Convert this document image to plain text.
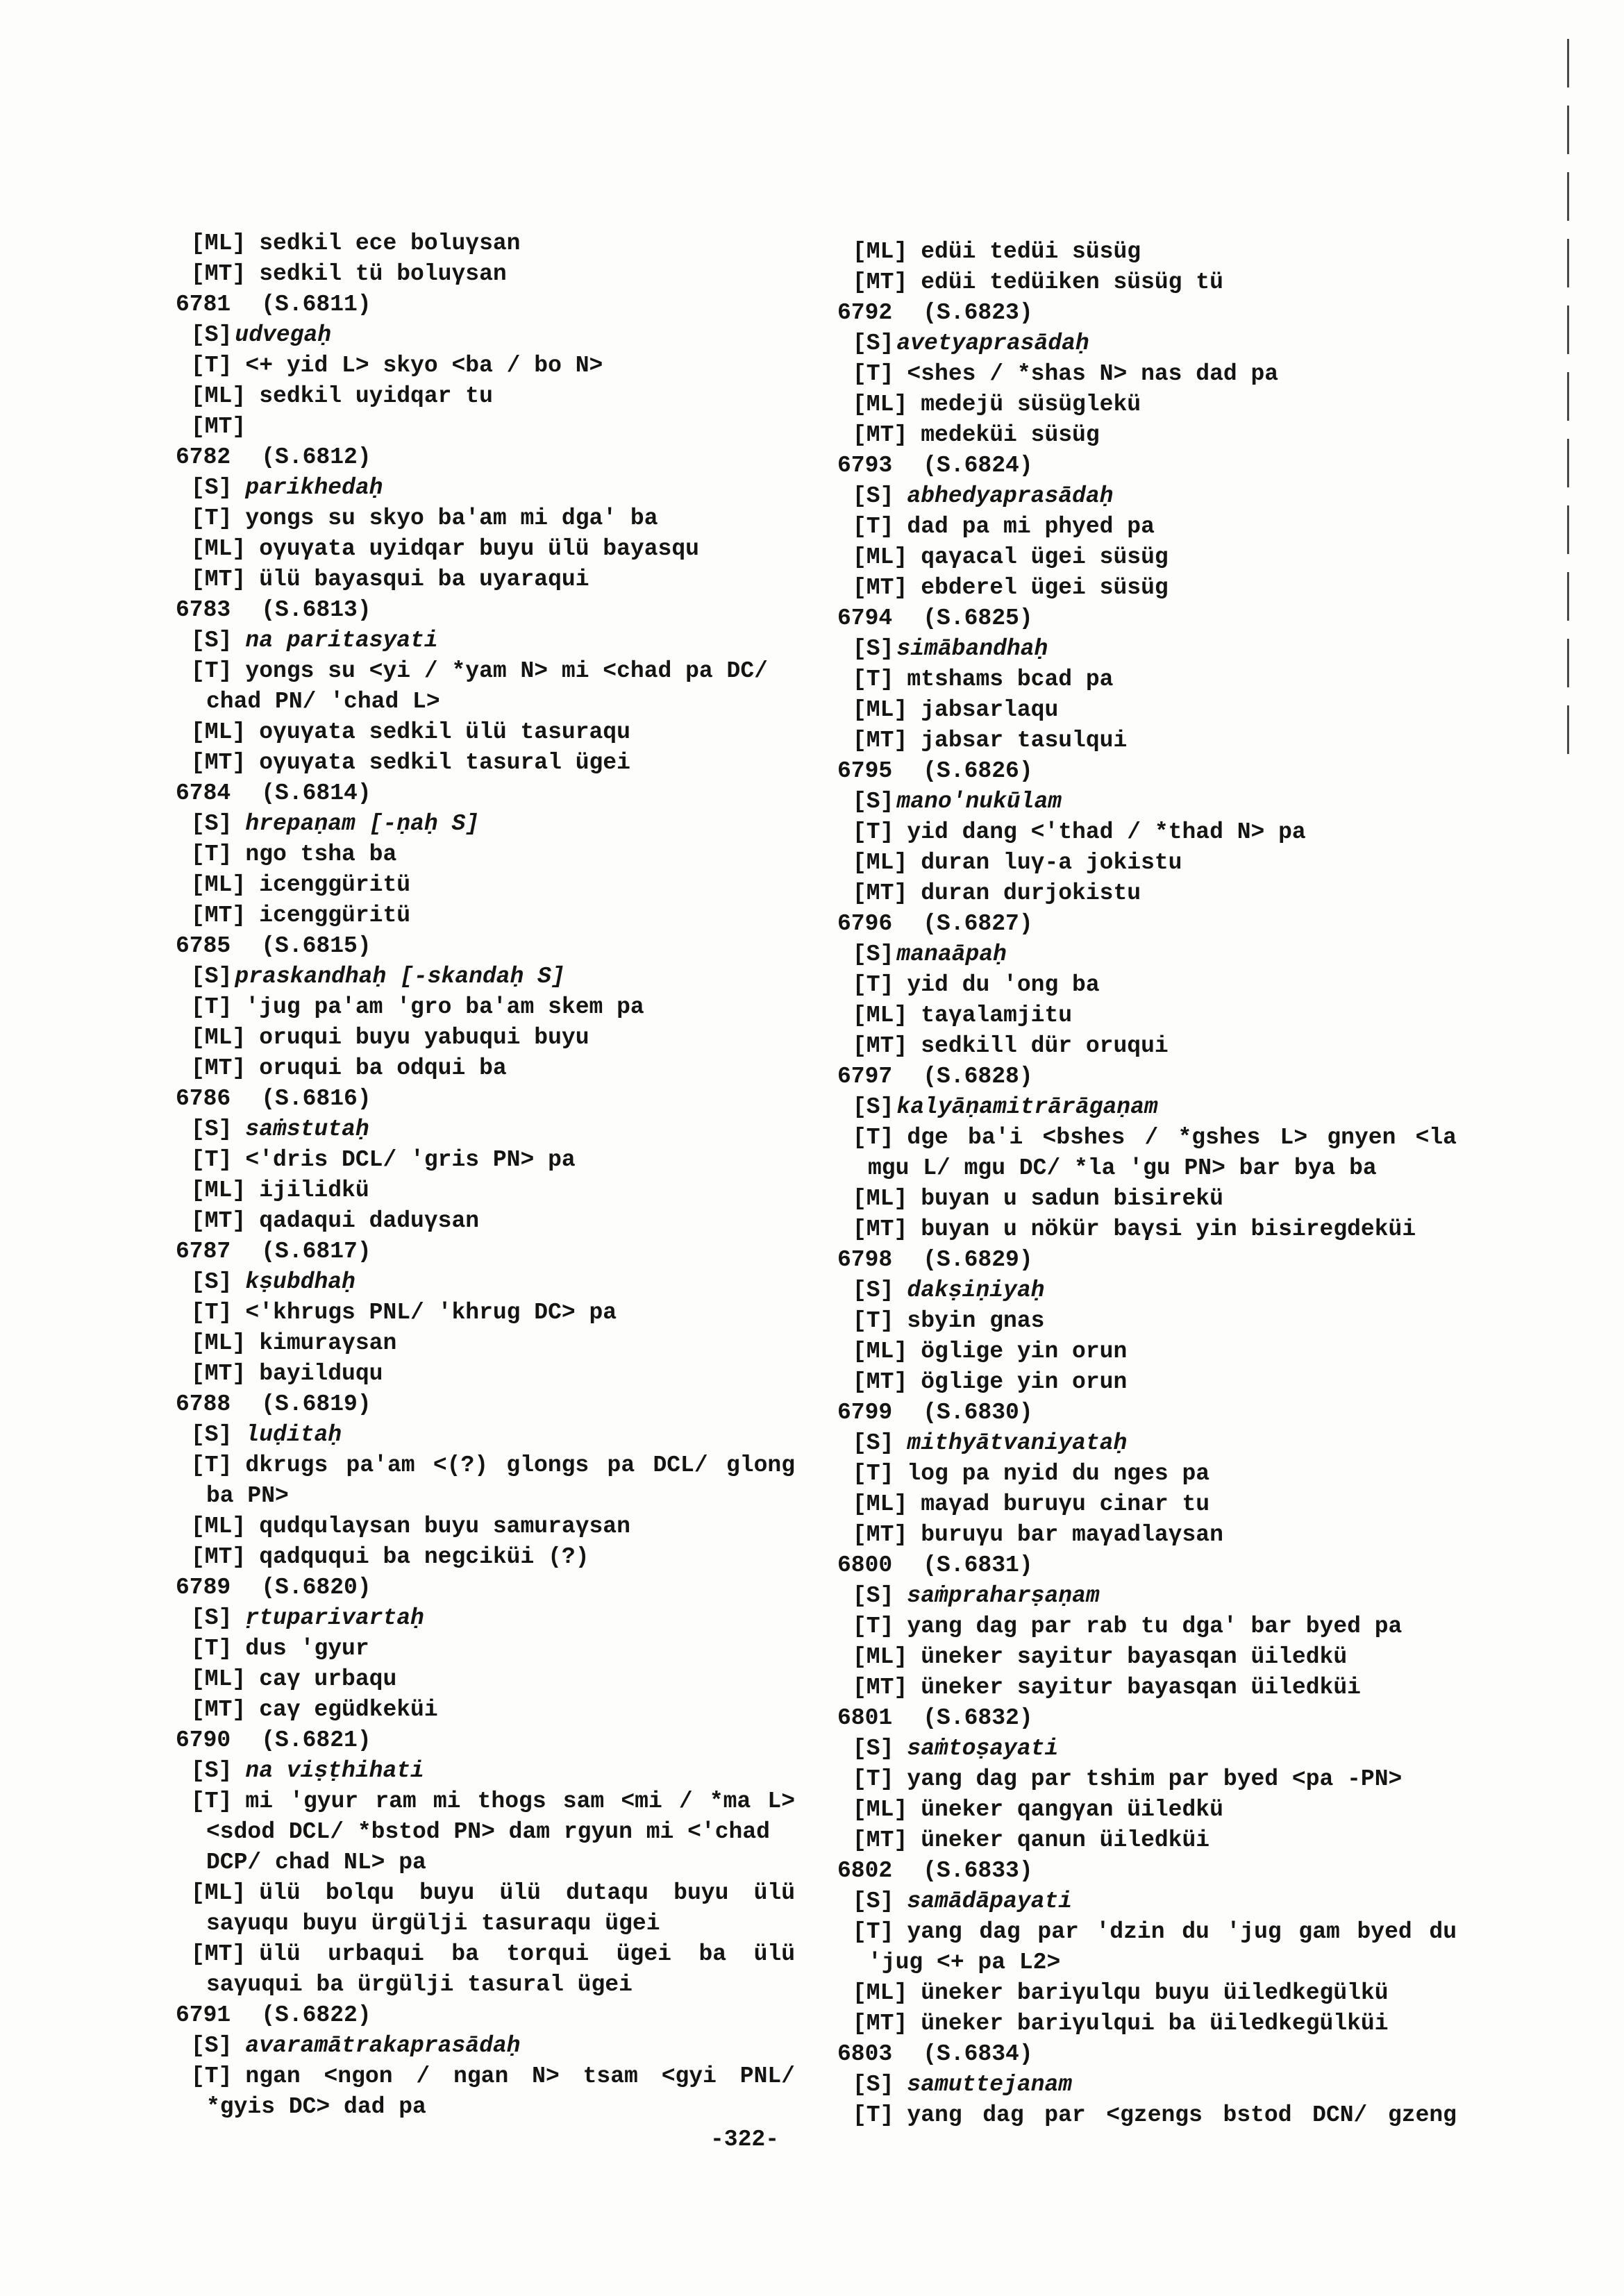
[ML] sedkil ece boluγsan
[MT] sedkil tü boluγsan
6781 (S.6811)
[S] udvegaḥ
[T] <+ yid L> skyo <ba / bo N>
[ML] sedkil uyidqar tu
[MT]
6782 (S.6812)
[S] parikhedaḥ
[T] yongs su skyo ba'am mi dga' ba
[ML] oγuγata uyidqar buyu ülü bayasqu
[MT] ülü bayasqui ba uyaraqui
6783 (S.6813)
[S] na paritasyati
[T] yongs su <yi / *yam N> mi <chad pa DC/
chad PN/ 'chad L>
[ML] oγuγata sedkil ülü tasuraqu
[MT] oγuγata sedkil tasural ügei
6784 (S.6814)
[S] hrepaṇam [-ṇaḥ S]
[T] ngo tsha ba
[ML] icenggüritü
[MT] icenggüritü
6785 (S.6815)
[S] praskandhaḥ [-skandaḥ S]
[T] 'jug pa'am 'gro ba'am skem pa
[ML] oruqui buyu yabuqui buyu
[MT] oruqui ba odqui ba
6786 (S.6816)
[S] saṁstutaḥ
[T] <'dris DCL/ 'gris PN> pa
[ML] ijilidkü
[MT] qadaqui daduγsan
6787 (S.6817)
[S] kṣubdhaḥ
[T] <'khrugs PNL/ 'khrug DC> pa
[ML] kimuraγsan
[MT] bayilduqu
6788 (S.6819)
[S] luḍitaḥ
[T] dkrugs pa'am <(?) glongs pa DCL/ glong
ba PN>
[ML] qudqulaγsan buyu samuraγsan
[MT] qadququi ba negciküi (?)
6789 (S.6820)
[S] ṛtuparivartaḥ
[T] dus 'gyur
[ML] caγ urbaqu
[MT] caγ egüdkeküi
6790 (S.6821)
[S] na viṣṭhihati
[T] mi 'gyur ram mi thogs sam <mi / *ma L>
<sdod DCL/ *bstod PN> dam rgyun mi <'chad
DCP/ chad NL> pa
[ML] ülü bolqu buyu ülü dutaqu buyu ülü
saγuqu buyu ürgülji tasuraqu ügei
[MT] ülü urbaqui ba torqui ügei ba ülü
saγuqui ba ürgülji tasural ügei
6791 (S.6822)
[S] avaramātrakaprasādaḥ
[T] ngan <ngon / ngan N> tsam <gyi PNL/
*gyis DC> dad pa
[ML] edüi tedüi süsüg
[MT] edüi tedüiken süsüg tü
6792 (S.6823)
[S] avetyaprasādaḥ
[T] <shes / *shas N> nas dad pa
[ML] medejü süsüglekü
[MT] medeküi süsüg
6793 (S.6824)
[S] abhedyaprasādaḥ
[T] dad pa mi phyed pa
[ML] qaγacal ügei süsüg
[MT] ebderel ügei süsüg
6794 (S.6825)
[S] simābandhaḥ
[T] mtshams bcad pa
[ML] jabsarlaqu
[MT] jabsar tasulqui
6795 (S.6826)
[S] mano'nukūlam
[T] yid dang <'thad / *thad N> pa
[ML] duran luγ-a jokistu
[MT] duran durjokistu
6796 (S.6827)
[S] manaāpaḥ
[T] yid du 'ong ba
[ML] taγalamjitu
[MT] sedkill dür oruqui
6797 (S.6828)
[S] kalyāṇamitrārāgaṇam
[T] dge ba'i <bshes / *gshes L> gnyen <la
mgu L/ mgu DC/ *la 'gu PN> bar bya ba
[ML] buyan u sadun bisirekü
[MT] buyan u nökür baγsi yin bisiregdeküi
6798 (S.6829)
[S] dakṣiṇiyaḥ
[T] sbyin gnas
[ML] öglige yin orun
[MT] öglige yin orun
6799 (S.6830)
[S] mithyātvaniyataḥ
[T] log pa nyid du nges pa
[ML] maγad buruγu cinar tu
[MT] buruγu bar maγadlaγsan
6800 (S.6831)
[S] saṁpraharṣaṇam
[T] yang dag par rab tu dga' bar byed pa
[ML] üneker sayitur bayasqan üiledkü
[MT] üneker sayitur bayasqan üiledküi
6801 (S.6832)
[S] saṁtoṣayati
[T] yang dag par tshim par byed <pa -PN>
[ML] üneker qangγan üiledkü
[MT] üneker qanun üiledküi
6802 (S.6833)
[S] samādāpayati
[T] yang dag par 'dzin du 'jug gam byed du
'jug <+ pa L2>
[ML] üneker bariγulqu buyu üiledkegülkü
[MT] üneker bariγulqui ba üiledkegülküi
6803 (S.6834)
[S] samuttejanam
[T] yang dag par <gzengs bstod DCN/ gzeng
-322-
